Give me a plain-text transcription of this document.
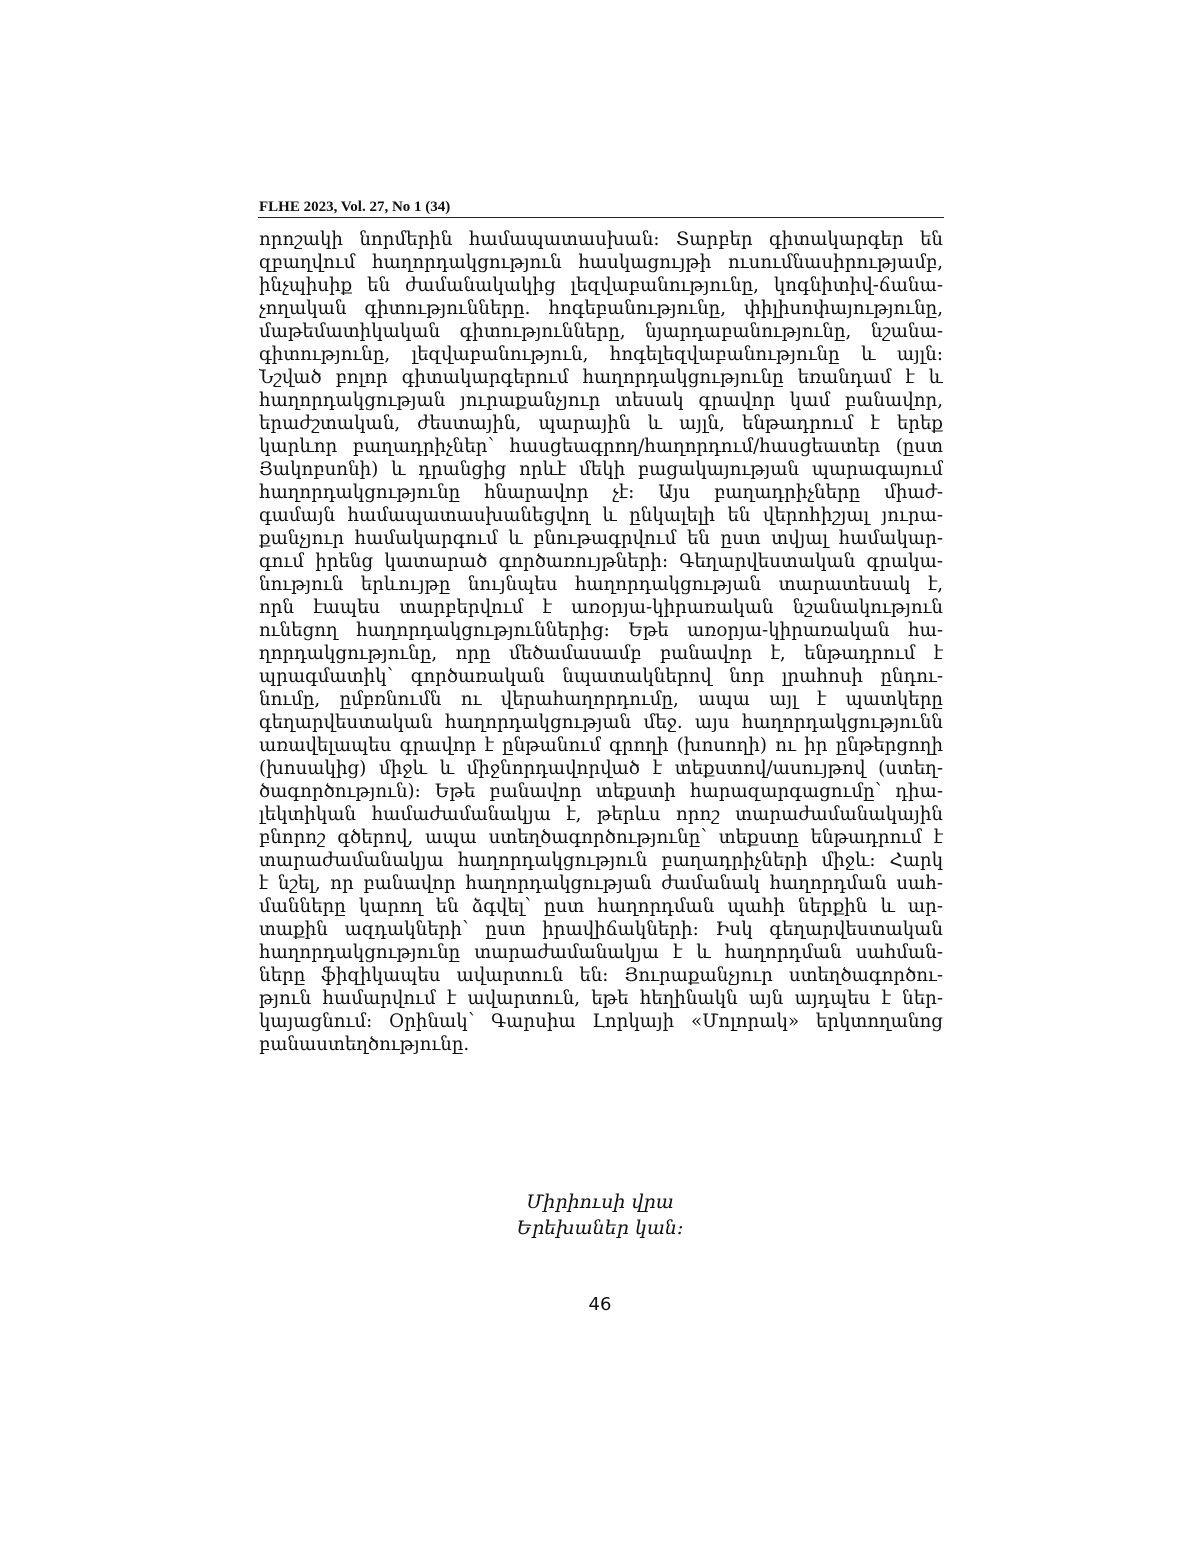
FLHE 2023, Vol. 27, No 1 (34)
որոշակի նորմերին համապատասխան: Տարբեր գիտակարգեր են
զբաղվում հաղորդակցություն հասկացույթի ուսումնասիրությամբ,
ինչպիսիք են ժամանակակից լեզվաբանությունը, կոգնիտիվ-ճանա-
չողական գիտությունները. հոգեբանությունը, փիլիսոփայությունը,
մաթեմատիկական գիտությունները, նյարդաբանությունը, նշանա-
գիտությունը, լեզվաբանություն, հոգելեզվաբանությունը և այլն:
Նշված բոլոր գիտակարգերում հաղորդակցությունը եռանդամ է և
հաղորդակցության յուրաքանչյուր տեսակ գրավոր կամ բանավոր,
երաժշտական, ժեստային, պարային և այլն, ենթադրում է երեք
կարևոր բաղադրիչներ՝ հասցեագրող/հաղորդում/հասցեատեր (ըստ
Յակոբսոնի) և դրանցից որևէ մեկի բացակայության պարագայում
հաղորդակցությունը հնարավոր չէ: Այս բաղադրիչները միաժ-
գամայն համապատասխանեցվող և ընկալելի են վերոհիշյալ յուրա-
քանչյուր համակարգում և բնութագրվում են ըստ տվյալ համակար-
գում իրենց կատարած գործառույթների: Գեղարվեստական գրակա-
նություն երևույթը նույնպես հաղորդակցության տարատեսակ է,
որն էապես տարբերվում է առօրյա-կիրառական նշանակություն
ունեցող հաղորդակցություններից: Եթե առօրյա-կիրառական հա-
ղորդակցությունը, որը մեծամասամբ բանավոր է, ենթադրում է
պրագմատիկ՝ գործառական նպատակներով նոր լրահոսի ընդու-
նումը, ըմբռնումն ու վերահաղորդումը, ապա այլ է պատկերը
գեղարվեստական հաղորդակցության մեջ. այս հաղորդակցությունն
առավելապես գրավոր է ընթանում գրողի (խոսողի) ու իր ընթերցողի
(խոսակից) միջև և միջնորդավորված է տեքստով/ասույթով (ստեղ-
ծագործություն): Եթե բանավոր տեքստի հարազարգացումը՝ դիա-
լեկտիկան համաժամանակյա է, թերևս որոշ տարաժամանակային
բնորոշ գծերով, ապա ստեղծագործությունը՝ տեքստը ենթադրում է
տարաժամանակյա հաղորդակցություն բաղադրիչների միջև: Հարկ
է նշել, որ բանավոր հաղորդակցության ժամանակ հաղորդման սահ-
մանները կարող են ձգվել՝ ըստ հաղորդման պահի ներքին և ար-
տաքին ազդակների՝ ըստ իրավիճակների: Իսկ գեղարվեստական
հաղորդակցությունը տարաժամանակյա է և հաղորդման սահման-
ները ֆիզիկապես ավարտուն են: Յուրաքանչյուր ստեղծագործու-
թյուն համարվում է ավարտուն, եթե հեղինակն այն այդպես է ներ-
կայացնում: Օրինակ՝ Գարսիա Լորկայի «Մոլորակ» երկտողանոց
բանաստեղծությունը.
Միրիուսի վրա
Երեխաներ կան:
46
